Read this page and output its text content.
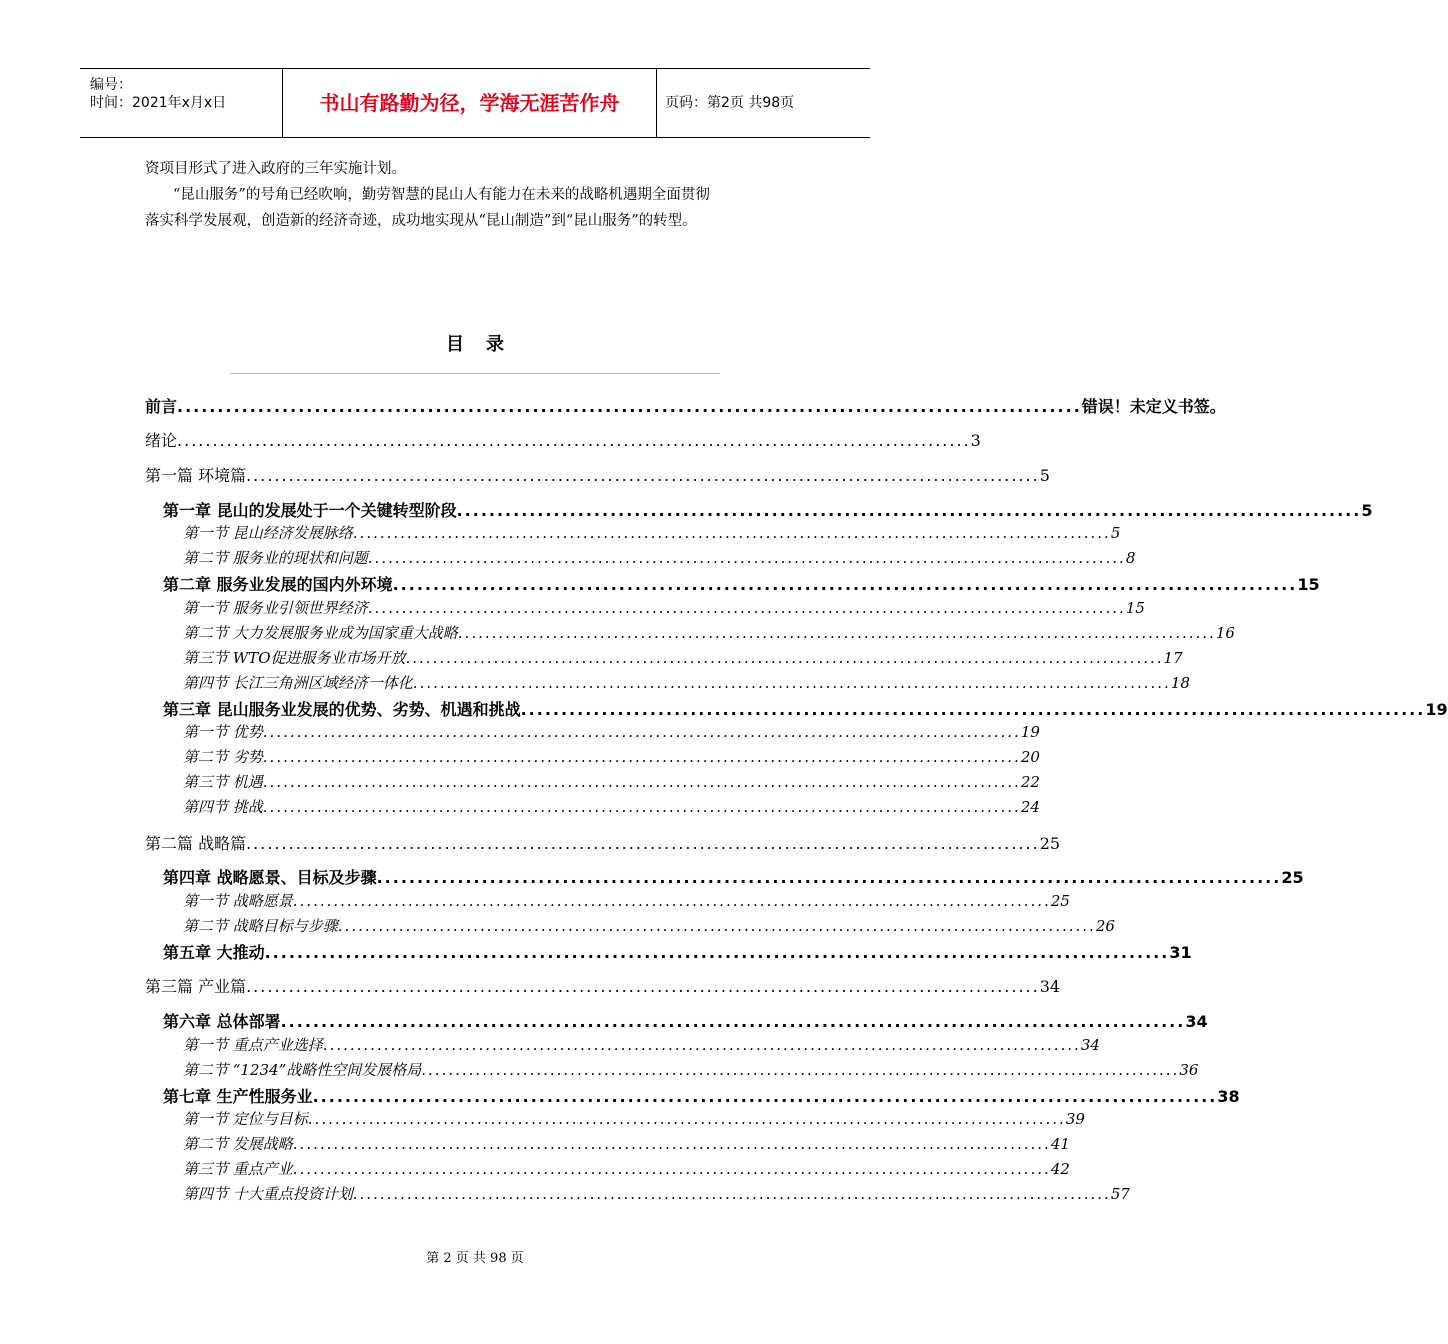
编号：
时间：2021年x月x日	书山有路勤为径，学海无涯苦作舟	页码：第2页 共98页
资项目形式了进入政府的三年实施计划。
“昆山服务”的号角已经吹响，勤劳智慧的昆山人有能力在未来的战略机遇期全面贯彻
落实科学发展观，创造新的经济奇迹，成功地实现从“昆山制造”到“昆山服务”的转型。
目录
前言 ................................................................................................................ 错误！未定义书签。
绪论 ................................................................................................................ 3
第一篇 环境篇 ................................................................................................................ 5
第一章 昆山的发展处于一个关键转型阶段 ................................................................................................................ 5
第一节 昆山经济发展脉络 ................................................................................................................ 5
第二节 服务业的现状和问题 ................................................................................................................ 8
第二章 服务业发展的国内外环境 ................................................................................................................ 15
第一节 服务业引领世界经济 ................................................................................................................ 15
第二节 大力发展服务业成为国家重大战略 ................................................................................................................ 16
第三节 WTO促进服务业市场开放 ................................................................................................................ 17
第四节 长江三角洲区域经济一体化 ................................................................................................................ 18
第三章 昆山服务业发展的优势、劣势、机遇和挑战 ................................................................................................................ 19
第一节 优势 ................................................................................................................ 19
第二节 劣势 ................................................................................................................ 20
第三节 机遇 ................................................................................................................ 22
第四节 挑战 ................................................................................................................ 24
第二篇 战略篇 ................................................................................................................ 25
第四章 战略愿景、目标及步骤 ................................................................................................................ 25
第一节 战略愿景 ................................................................................................................ 25
第二节 战略目标与步骤 ................................................................................................................ 26
第五章 大推动 ................................................................................................................ 31
第三篇 产业篇 ................................................................................................................ 34
第六章 总体部署 ................................................................................................................ 34
第一节 重点产业选择 ................................................................................................................ 34
第二节 “1234”战略性空间发展格局 ................................................................................................................ 36
第七章 生产性服务业 ................................................................................................................ 38
第一节 定位与目标 ................................................................................................................ 39
第二节 发展战略 ................................................................................................................ 41
第三节 重点产业 ................................................................................................................ 42
第四节 十大重点投资计划 ................................................................................................................ 57
第 2 页 共 98 页
